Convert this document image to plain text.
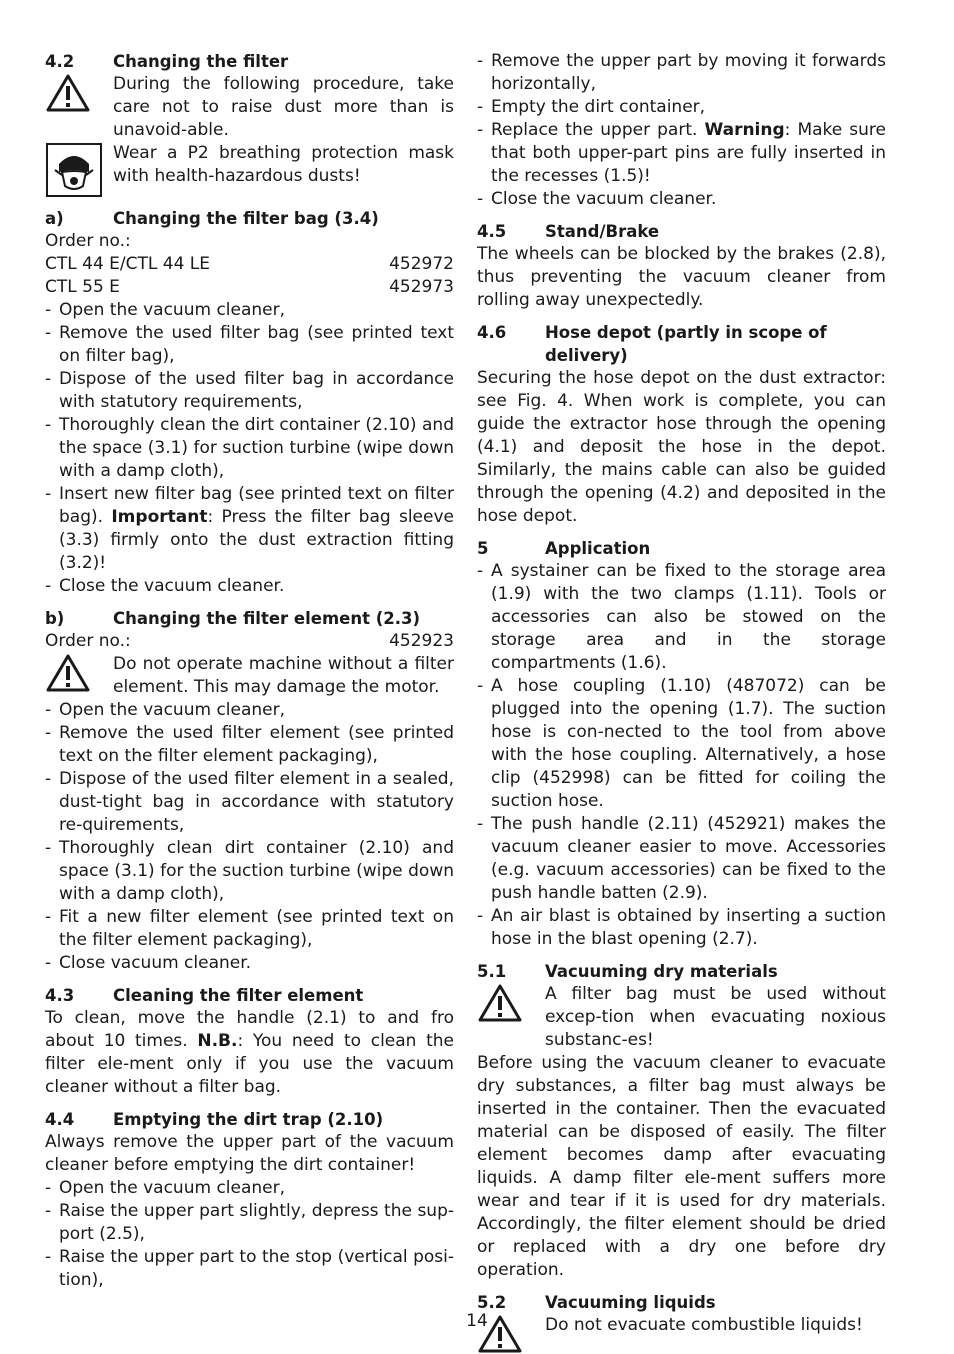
4.2	Changing the filter
During the following procedure, take care not to raise dust more than is unavoid-able.
Wear a P2 breathing protection mask with health-hazardous dusts!
a)	Changing the filter bag (3.4)

Order no.:

CTL 44 E/CTL 44 LE	452972
CTL 55 E	452973
- Open the vacuum cleaner,
- Remove the used filter bag (see printed text on filter bag),
- Dispose of the used filter bag in accordance with statutory requirements,
- Thoroughly clean the dirt container (2.10) and the space (3.1) for suction turbine (wipe down with a damp cloth),
- Insert new filter bag (see printed text on filter bag). Important: Press the filter bag sleeve (3.3) firmly onto the dust extraction fitting (3.2)!
- Close the vacuum cleaner.
b)	Changing the filter element (2.3)
Order no.:	452923
Do not operate machine without a filter element. This may damage the motor.
- Open the vacuum cleaner,
- Remove the used filter element (see printed text on the filter element packaging),
- Dispose of the used filter element in a sealed, dust-tight bag in accordance with statutory re-quirements,
- Thoroughly clean dirt container (2.10) and space (3.1) for the suction turbine (wipe down with a damp cloth),
- Fit a new filter element (see printed text on the filter element packaging),
- Close vacuum cleaner.
4.3	Cleaning the filter element

To clean, move the handle (2.1) to and fro about 10 times. N.B.: You need to clean the filter ele-ment only if you use the vacuum cleaner without a filter bag.

4.4	Emptying the dirt trap (2.10)

Always remove the upper part of the vacuum cleaner before emptying the dirt container!

- Open the vacuum cleaner,
- Raise the upper part slightly, depress the sup-port (2.5),
- Raise the upper part to the stop (vertical posi-tion),
- Remove the upper part by moving it forwards horizontally,
- Empty the dirt container,
- Replace the upper part. Warning: Make sure that both upper-part pins are fully inserted in the recesses (1.5)!
- Close the vacuum cleaner.
4.5	Stand/Brake

The wheels can be blocked by the brakes (2.8), thus preventing the vacuum cleaner from rolling away unexpectedly.

4.6	Hose depot (partly in scope of delivery)

Securing the hose depot on the dust extractor: see Fig. 4. When work is complete, you can guide the extractor hose through the opening (4.1) and deposit the hose in the depot. Similarly, the mains cable can also be guided through the opening (4.2) and deposited in the hose depot.

5	Application
- A systainer can be fixed to the storage area (1.9) with the two clamps (1.11). Tools or accessories can also be stowed on the storage area and in the storage compartments (1.6).
- A hose coupling (1.10) (487072) can be plugged into the opening (1.7). The suction hose is con-nected to the tool from above with the hose coupling. Alternatively, a hose clip (452998) can be fitted for coiling the suction hose.
- The push handle (2.11) (452921) makes the vacuum cleaner easier to move. Accessories (e.g. vacuum accessories) can be fixed to the push handle batten (2.9).
- An air blast is obtained by inserting a suction hose in the blast opening (2.7).
5.1	Vacuuming dry materials
A filter bag must be used without excep-tion when evacuating noxious substanc-es!

Before using the vacuum cleaner to evacuate dry substances, a filter bag must always be inserted in the container. Then the evacuated material can be disposed of easily. The filter element becomes damp after evacuating liquids. A damp filter ele-ment suffers more wear and tear if it is used for dry materials. Accordingly, the filter element should be dried or replaced with a dry one before dry operation.

5.2	Vacuuming liquids
Do not evacuate combustible liquids!
14
